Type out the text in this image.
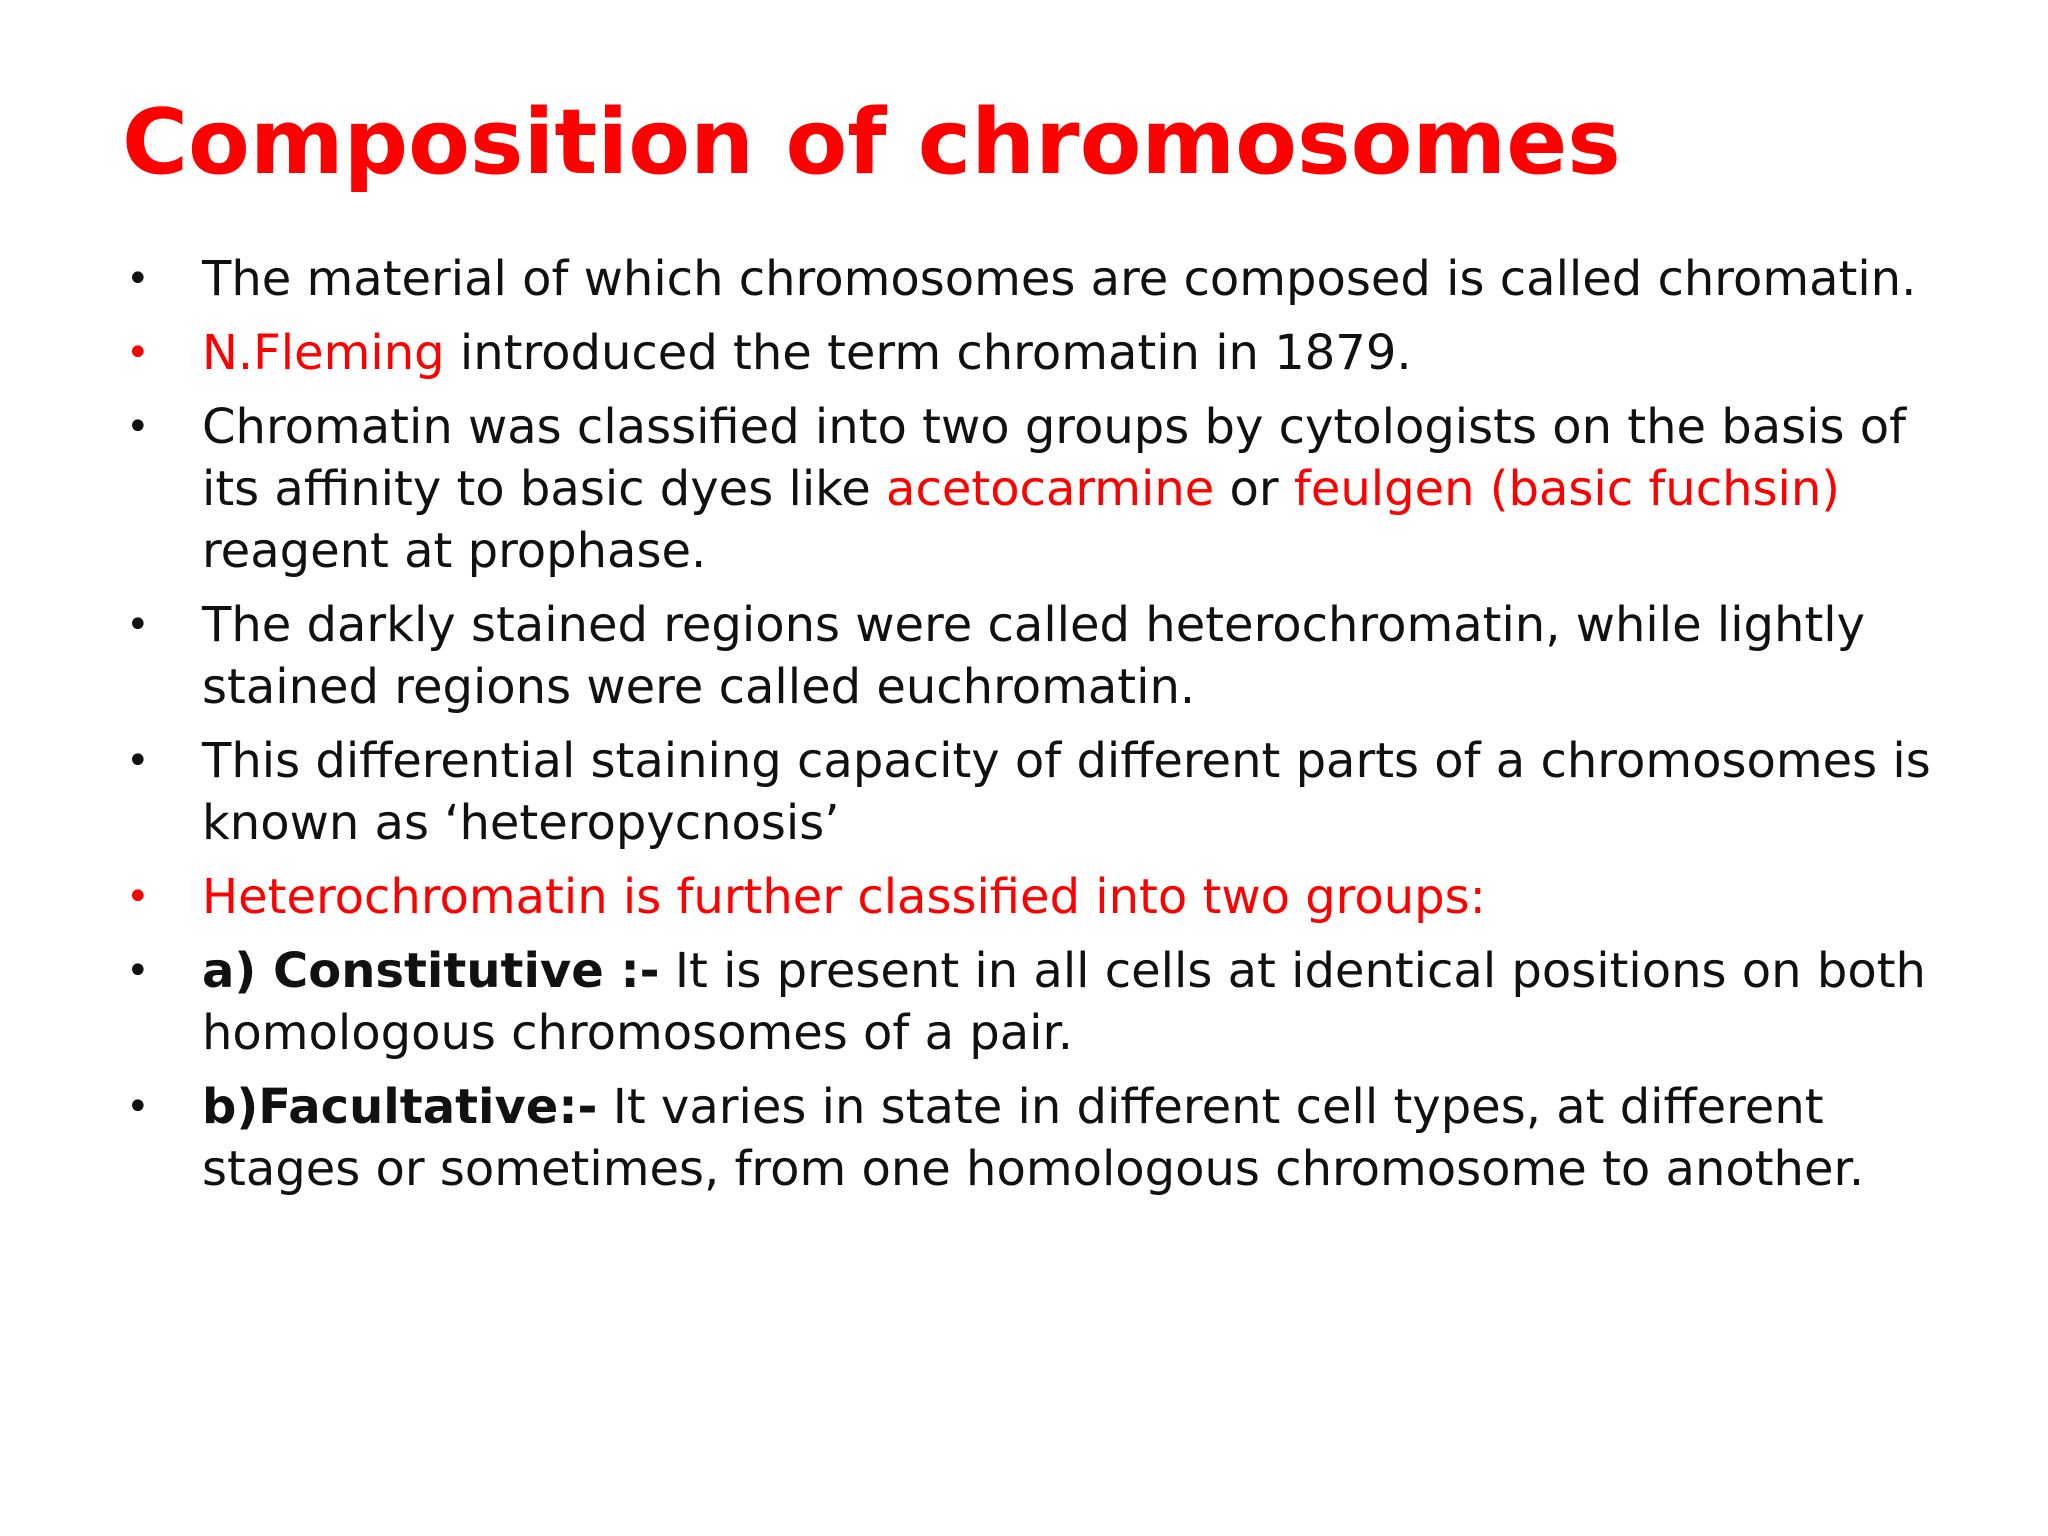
Composition of chromosomes
• The material of which chromosomes are composed is called chromatin.
• N.Fleming introduced the term chromatin in 1879.
• Chromatin was classified into two groups by cytologists on the basis of its affinity to basic dyes like acetocarmine or feulgen (basic fuchsin) reagent at prophase.
• The darkly stained regions were called heterochromatin, while lightly stained regions were called euchromatin.
• This differential staining capacity of different parts of a chromosomes is known as ‘heteropycnosis’
• Heterochromatin is further classified into two groups:
• a) Constitutive :- It is present in all cells at identical positions on both homologous chromosomes of a pair.
• b)Facultative:- It varies in state in different cell types, at different stages or sometimes, from one homologous chromosome to another.
